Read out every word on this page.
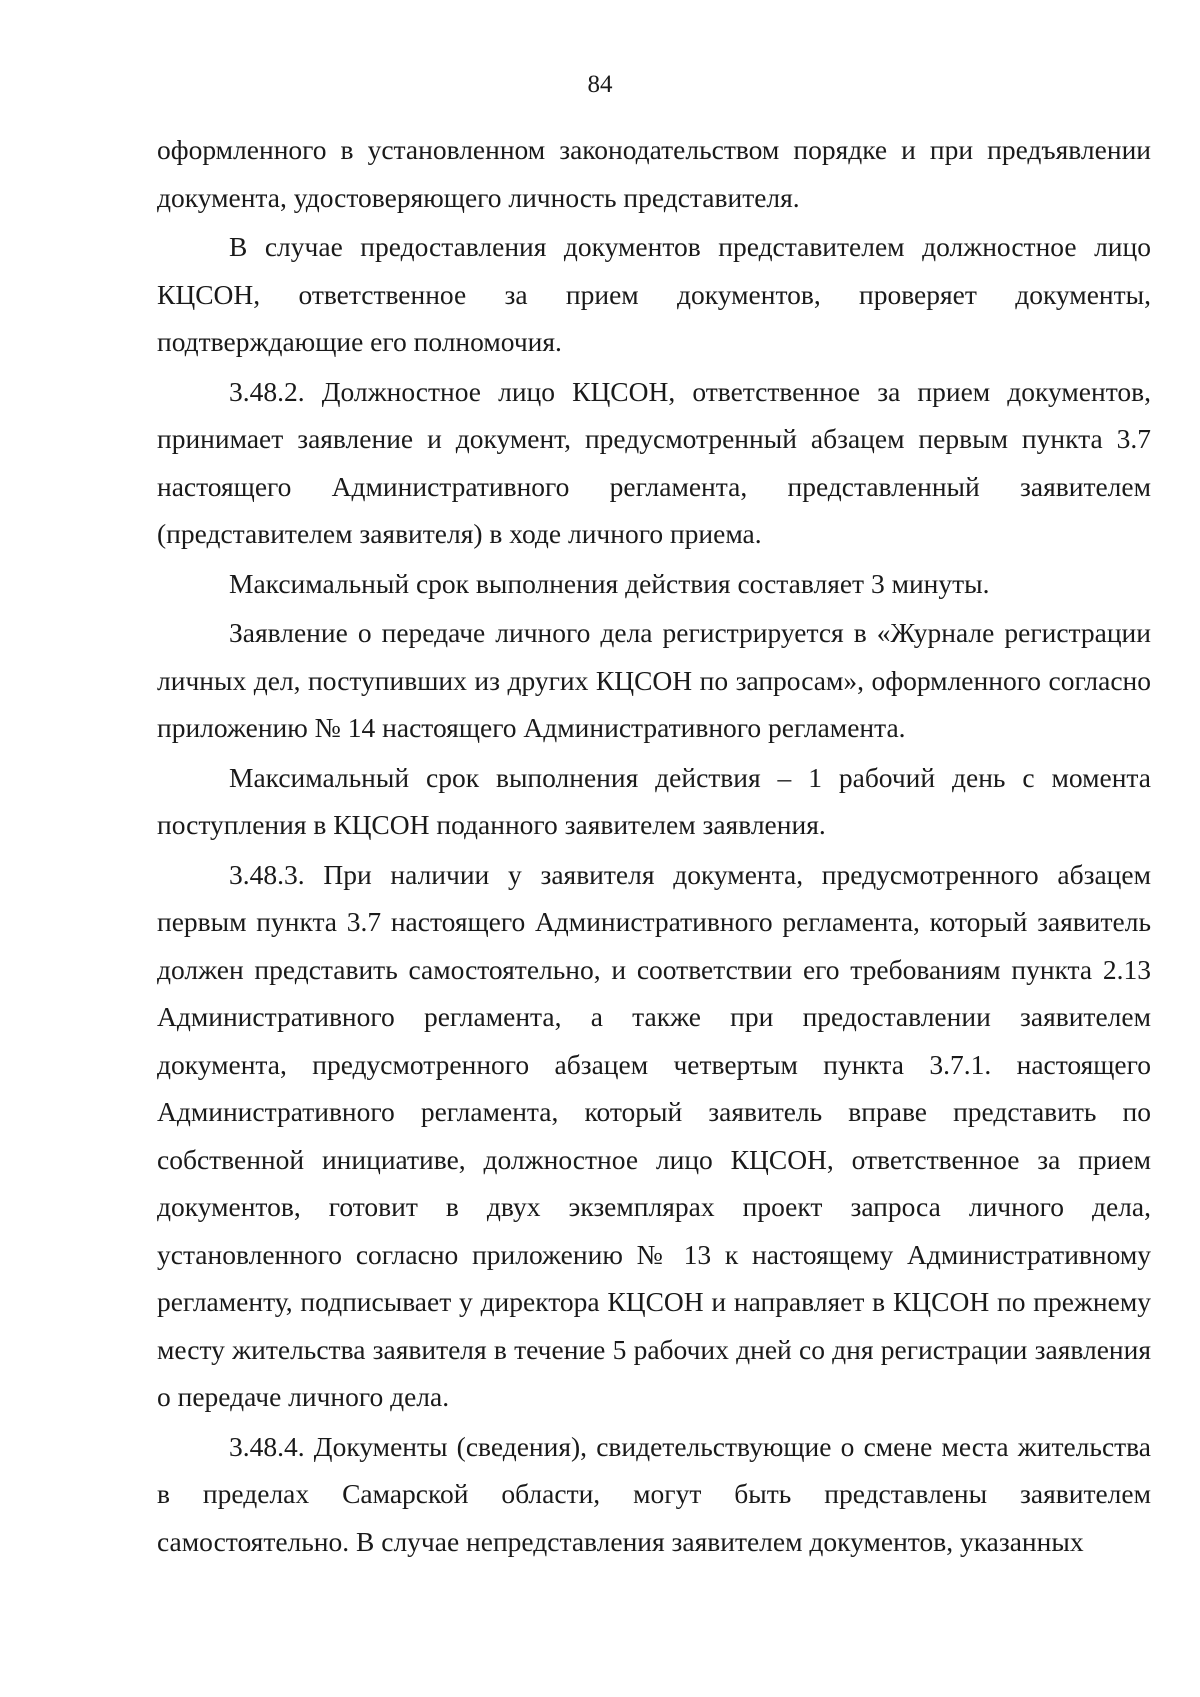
84

оформленного в установленном законодательством порядке и при предъявлении документа, удостоверяющего личность представителя.

В случае предоставления документов представителем должностное лицо КЦСОН, ответственное за прием документов, проверяет документы, подтверждающие его полномочия.

3.48.2. Должностное лицо КЦСОН, ответственное за прием документов, принимает заявление и документ, предусмотренный абзацем первым пункта 3.7 настоящего Административного регламента, представленный заявителем (представителем заявителя) в ходе личного приема.

Максимальный срок выполнения действия составляет 3 минуты.

Заявление о передаче личного дела регистрируется в «Журнале регистрации личных дел, поступивших из других КЦСОН по запросам», оформленного согласно приложению № 14 настоящего Административного регламента.

Максимальный срок выполнения действия – 1 рабочий день с момента поступления в КЦСОН поданного заявителем заявления.

3.48.3. При наличии у заявителя документа, предусмотренного абзацем первым пункта 3.7 настоящего Административного регламента, который заявитель должен представить самостоятельно, и соответствии его требованиям пункта 2.13 Административного регламента, а также при предоставлении заявителем документа, предусмотренного абзацем четвертым пункта 3.7.1. настоящего Административного регламента, который заявитель вправе представить по собственной инициативе, должностное лицо КЦСОН, ответственное за прием документов, готовит в двух экземплярах проект запроса личного дела, установленного согласно приложению № 13 к настоящему Административному регламенту, подписывает у директора КЦСОН и направляет в КЦСОН по прежнему месту жительства заявителя в течение 5 рабочих дней со дня регистрации заявления о передаче личного дела.

3.48.4. Документы (сведения), свидетельствующие о смене места жительства в пределах Самарской области, могут быть представлены заявителем самостоятельно. В случае непредставления заявителем документов, указанных
